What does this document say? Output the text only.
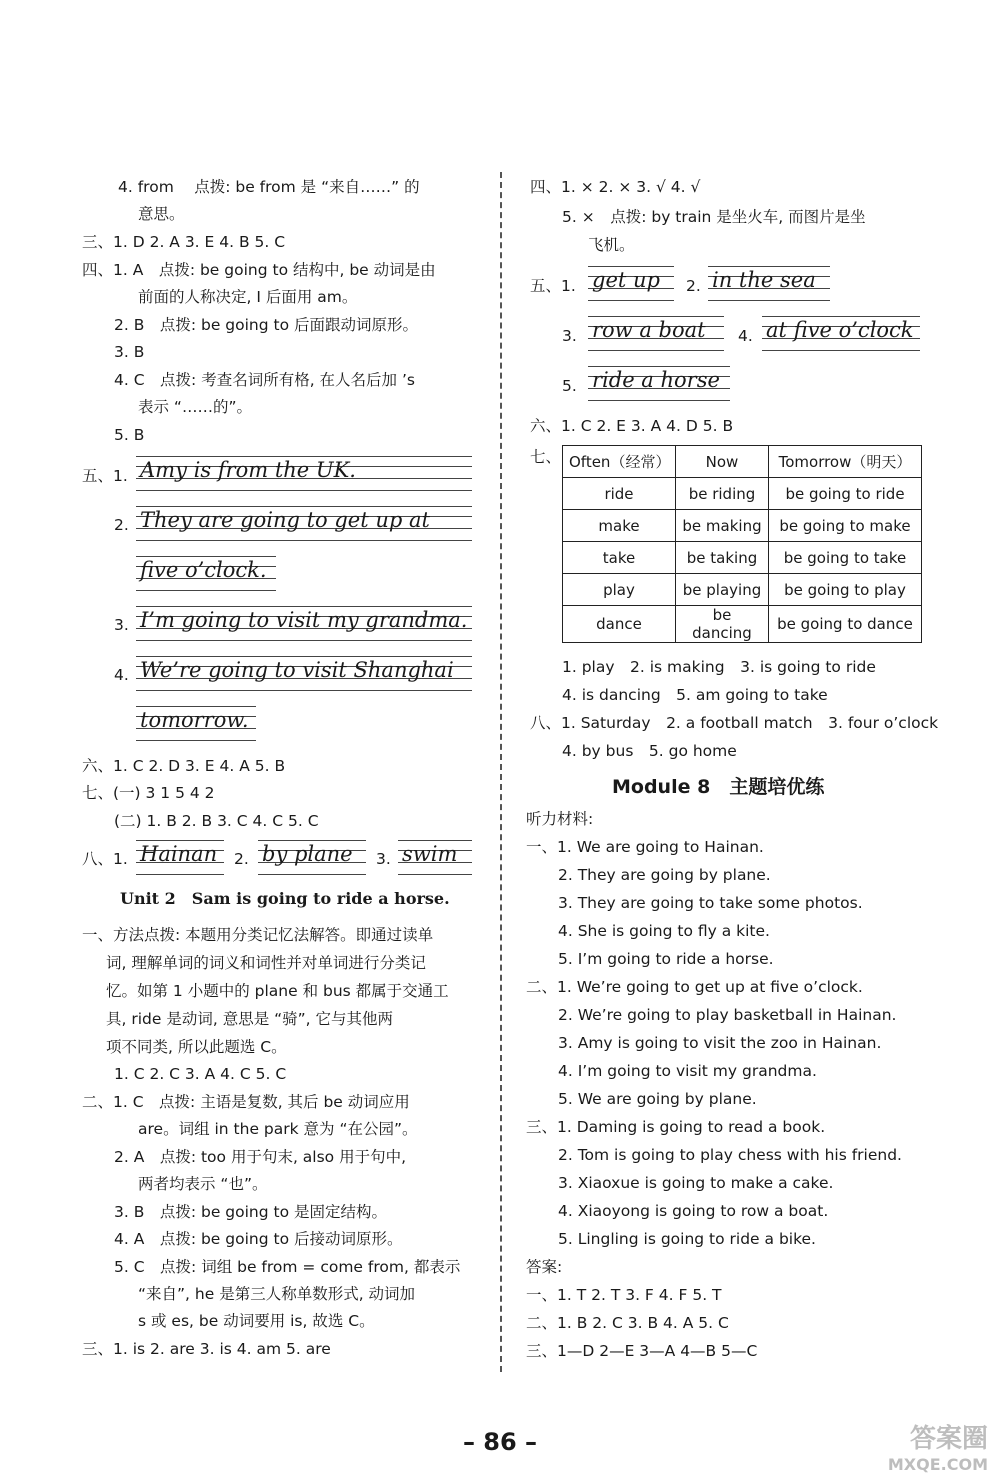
4. from　 点拨: be from 是 “来自……” 的
意思。
三、1. D 2. A 3. E 4. B 5. C
四、1. A　点拨: be going to 结构中, be 动词是由
前面的人称决定, I 后面用 am。
2. B　点拨: be going to 后面跟动词原形。
3. B
4. C　点拨: 考查名词所有格, 在人名后加 ’s
表示 “……的”。
5. B
五、1.
2.
3.
4.
六、1. C 2. D 3. E 4. A 5. B
七、(一) 3 1 5 4 2
(二) 1. B 2. B 3. C 4. C 5. C
八、1.	2.	3.
一、方法点拨: 本题用分类记忆法解答。即通过读单
词, 理解单词的词义和词性并对单词进行分类记
忆。如第 1 小题中的 plane 和 bus 都属于交通工
具, ride 是动词, 意思是 “骑”, 它与其他两
项不同类, 所以此题选 C。
1. C 2. C 3. A 4. C 5. C
二、1. C　点拨: 主语是复数, 其后 be 动词应用
are。词组 in the park 意为 “在公园”。
2. A　点拨: too 用于句末, also 用于句中,
两者均表示 “也”。
3. B　点拨: be going to 是固定结构。
4. A　点拨: be going to 后接动词原形。
5. C　点拨: 词组 be from = come from, 都表示
“来自”, he 是第三人称单数形式, 动词加
s 或 es, be 动词要用 is, 故选 C。
三、1. is 2. are 3. is 4. am 5. are
Amy is from the UK.
They are going to get up at
five o’clock.
I’m going to visit my grandma.
We’re going to visit Shanghai
tomorrow.
Hainan by plane swim
Unit 2　Sam is going to ride a horse.
四、1. × 2. × 3. √ 4. √
5. ×　点拨: by train 是坐火车, 而图片是坐
飞机。
五、1.	2.
3.	4.
5.
六、1. C 2. E 3. A 4. D 5. B
七、
1. play　2. is making　3. is going to ride
4. is dancing　5. am going to take
八、1. Saturday　2. a football match　3. four o’clock
4. by bus　5. go home
听力材料:
一、1. We are going to Hainan.
2. They are going by plane.
3. They are going to take some photos.
4. She is going to fly a kite.
5. I’m going to ride a horse.
二、1. We’re going to get up at five o’clock.
2. We’re going to play basketball in Hainan.
3. Amy is going to visit the zoo in Hainan.
4. I’m going to visit my grandma.
5. We are going by plane.
三、1. Daming is going to read a book.
2. Tom is going to play chess with his friend.
3. Xiaoxue is going to make a cake.
4. Xiaoyong is going to row a boat.
5. Lingling is going to ride a bike.
答案:
一、1. T 2. T 3. F 4. F 5. T
二、1. B 2. C 3. B 4. A 5. C
三、1—D 2—E 3—A 4—B 5—C
get up in the sea
row a boat	at five o’clock
ride a horse
Module 8　主题培优练
Often（经常）	Now	Tomorrow（明天）
ride	be riding	be going to ride
make	be making	be going to make
take	be taking	be going to take
play	be playing	be going to play
dance	be dancing	be going to dance
– 86 –	答案圈
MXQE.COM
